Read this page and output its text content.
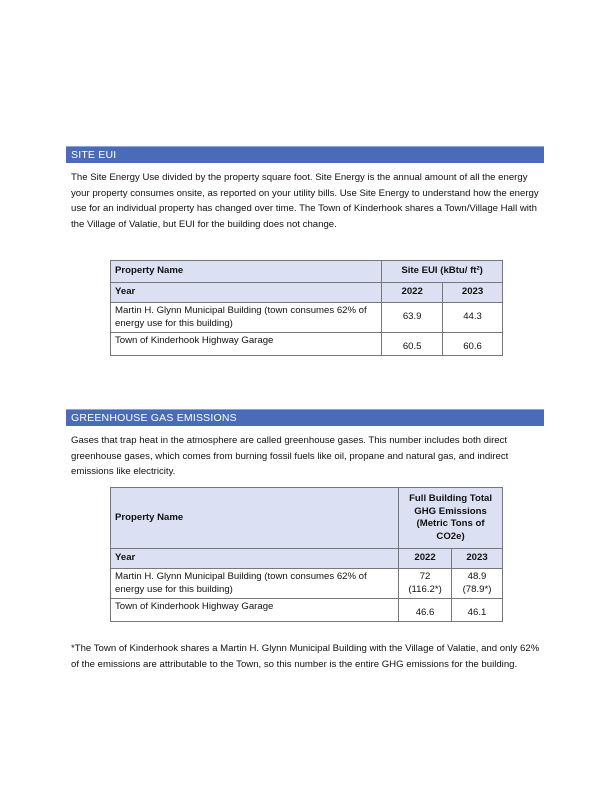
SITE EUI

The Site Energy Use divided by the property square foot. Site Energy is the annual amount of all the energy your property consumes onsite, as reported on your utility bills. Use Site Energy to understand how the energy use for an individual property has changed over time. The Town of Kinderhook shares a Town/Village Hall with the Village of Valatie, but EUI for the building does not change.

Property Name	Site EUI (kBtu/ ft²)	
Year	2022	2023
Martin H. Glynn Municipal Building (town consumes 62% of energy use for this building)	63.9	44.3
Town of Kinderhook Highway Garage	60.5	60.6
GREENHOUSE GAS EMISSIONS

Gases that trap heat in the atmosphere are called greenhouse gases. This number includes both direct greenhouse gases, which comes from burning fossil fuels like oil, propane and natural gas, and indirect emissions like electricity.

Property Name	Full Building Total GHG Emissions (Metric Tons of CO2e)	
Year	2022	2023
Martin H. Glynn Municipal Building (town consumes 62% of energy use for this building)	72 (116.2*)	48.9 (78.9*)
Town of Kinderhook Highway Garage	46.6	46.1

*The Town of Kinderhook shares a Martin H. Glynn Municipal Building with the Village of Valatie, and only 62% of the emissions are attributable to the Town, so this number is the entire GHG emissions for the building.
